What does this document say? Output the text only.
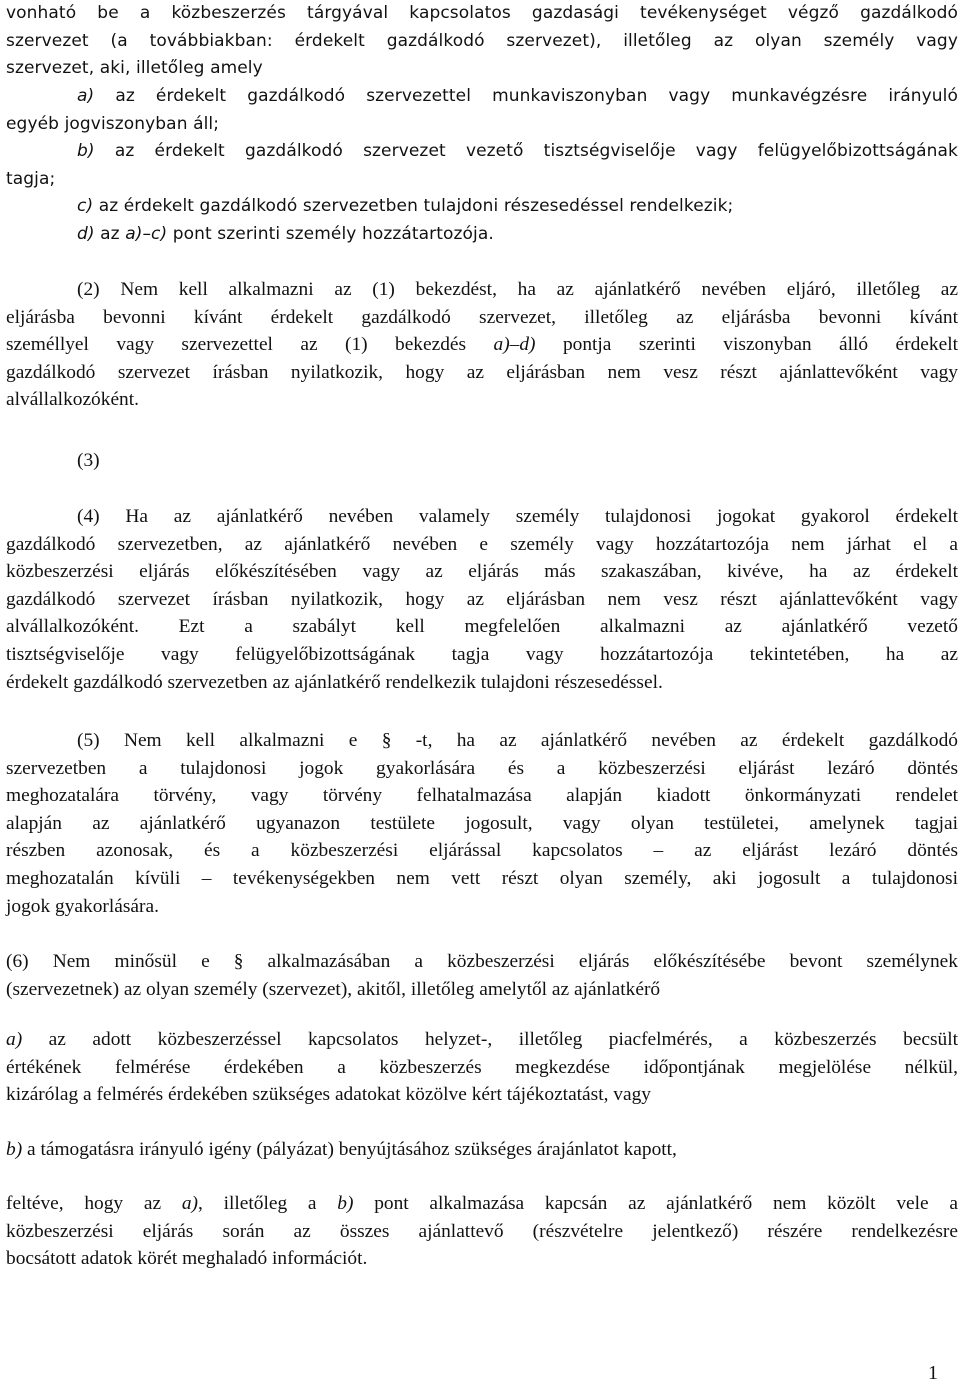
vonható be a közbeszerzés tárgyával kapcsolatos gazdasági tevékenységet végző gazdálkodó
szervezet (a továbbiakban: érdekelt gazdálkodó szervezet), illetőleg az olyan személy vagy
szervezet, aki, illetőleg amely
a) az érdekelt gazdálkodó szervezettel munkaviszonyban vagy munkavégzésre irányuló
egyéb jogviszonyban áll;
b) az érdekelt gazdálkodó szervezet vezető tisztségviselője vagy felügyelőbizottságának
tagja;
c) az érdekelt gazdálkodó szervezetben tulajdoni részesedéssel rendelkezik;
d) az a)–c) pont szerinti személy hozzátartozója.
(2) Nem kell alkalmazni az (1) bekezdést, ha az ajánlatkérő nevében eljáró, illetőleg az
eljárásba bevonni kívánt érdekelt gazdálkodó szervezet, illetőleg az eljárásba bevonni kívánt
személlyel vagy szervezettel az (1) bekezdés a)–d) pontja szerinti viszonyban álló érdekelt
gazdálkodó szervezet írásban nyilatkozik, hogy az eljárásban nem vesz részt ajánlattevőként vagy
alvállalkozóként.
(3)
(4) Ha az ajánlatkérő nevében valamely személy tulajdonosi jogokat gyakorol érdekelt
gazdálkodó szervezetben, az ajánlatkérő nevében e személy vagy hozzátartozója nem járhat el a
közbeszerzési eljárás előkészítésében vagy az eljárás más szakaszában, kivéve, ha az érdekelt
gazdálkodó szervezet írásban nyilatkozik, hogy az eljárásban nem vesz részt ajánlattevőként vagy
alvállalkozóként. Ezt a szabályt kell megfelelően alkalmazni az ajánlatkérő vezető
tisztségviselője vagy felügyelőbizottságának tagja vagy hozzátartozója tekintetében, ha az
érdekelt gazdálkodó szervezetben az ajánlatkérő rendelkezik tulajdoni részesedéssel.
(5) Nem kell alkalmazni e § -t, ha az ajánlatkérő nevében az érdekelt gazdálkodó
szervezetben a tulajdonosi jogok gyakorlására és a közbeszerzési eljárást lezáró döntés
meghozatalára törvény, vagy törvény felhatalmazása alapján kiadott önkormányzati rendelet
alapján az ajánlatkérő ugyanazon testülete jogosult, vagy olyan testületei, amelynek tagjai
részben azonosak, és a közbeszerzési eljárással kapcsolatos – az eljárást lezáró döntés
meghozatalán kívüli – tevékenységekben nem vett részt olyan személy, aki jogosult a tulajdonosi
jogok gyakorlására.
(6) Nem minősül e § alkalmazásában a közbeszerzési eljárás előkészítésébe bevont személynek
(szervezetnek) az olyan személy (szervezet), akitől, illetőleg amelytől az ajánlatkérő
a) az adott közbeszerzéssel kapcsolatos helyzet-, illetőleg piacfelmérés, a közbeszerzés becsült
értékének felmérése érdekében a közbeszerzés megkezdése időpontjának megjelölése nélkül,
kizárólag a felmérés érdekében szükséges adatokat közölve kért tájékoztatást, vagy
b) a támogatásra irányuló igény (pályázat) benyújtásához szükséges árajánlatot kapott,
feltéve, hogy az a), illetőleg a b) pont alkalmazása kapcsán az ajánlatkérő nem közölt vele a
közbeszerzési eljárás során az összes ajánlattevő (részvételre jelentkező) részére rendelkezésre
bocsátott adatok körét meghaladó információt.
1
